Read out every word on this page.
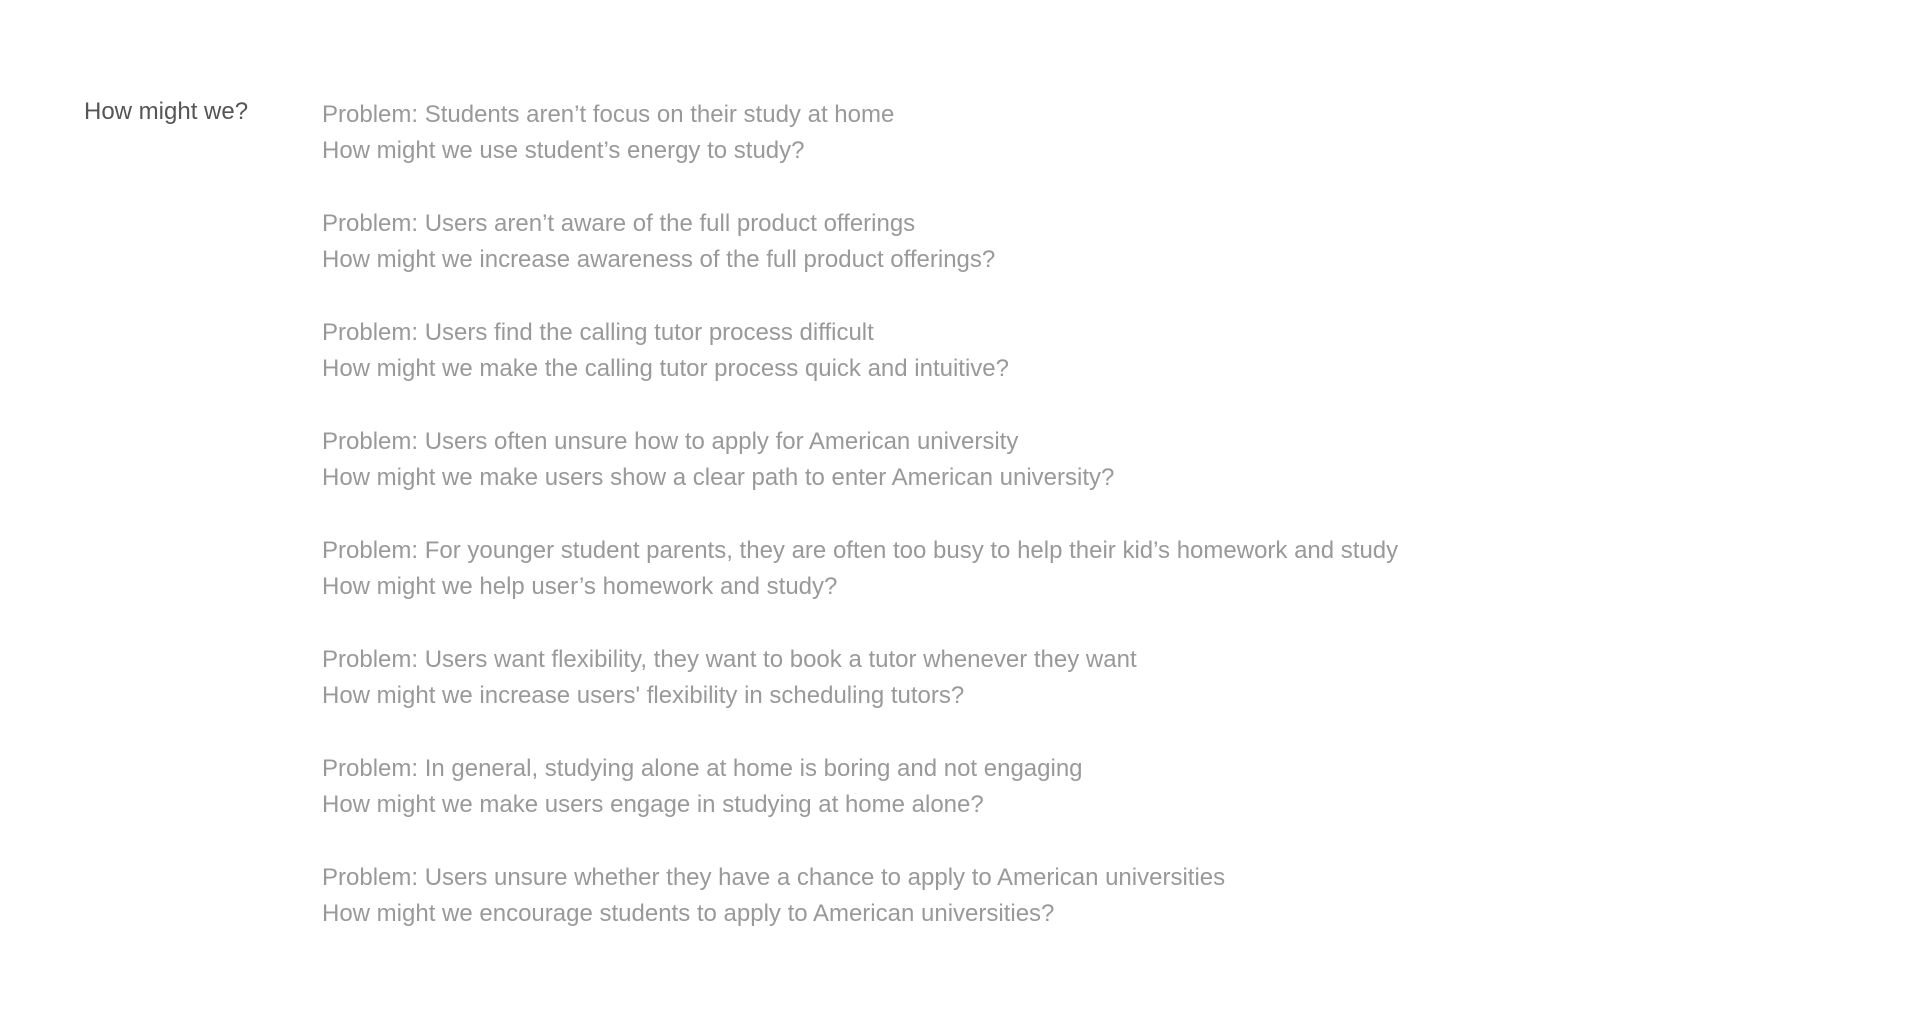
How might we?	Problem: Students aren’t focus on their study at home

How might we use student’s energy to study?

Problem: Users aren’t aware of the full product offerings

How might we increase awareness of the full product offerings?

Problem: Users find the calling tutor process difficult

How might we make the calling tutor process quick and intuitive?

Problem: Users often unsure how to apply for American university

How might we make users show a clear path to enter American university?

Problem: For younger student parents, they are often too busy to help their kid’s homework and study

How might we help user’s homework and study?

Problem: Users want flexibility, they want to book a tutor whenever they want

How might we increase users' flexibility in scheduling tutors?

Problem: In general, studying alone at home is boring and not engaging

How might we make users engage in studying at home alone?

Problem: Users unsure whether they have a chance to apply to American universities

How might we encourage students to apply to American universities?
